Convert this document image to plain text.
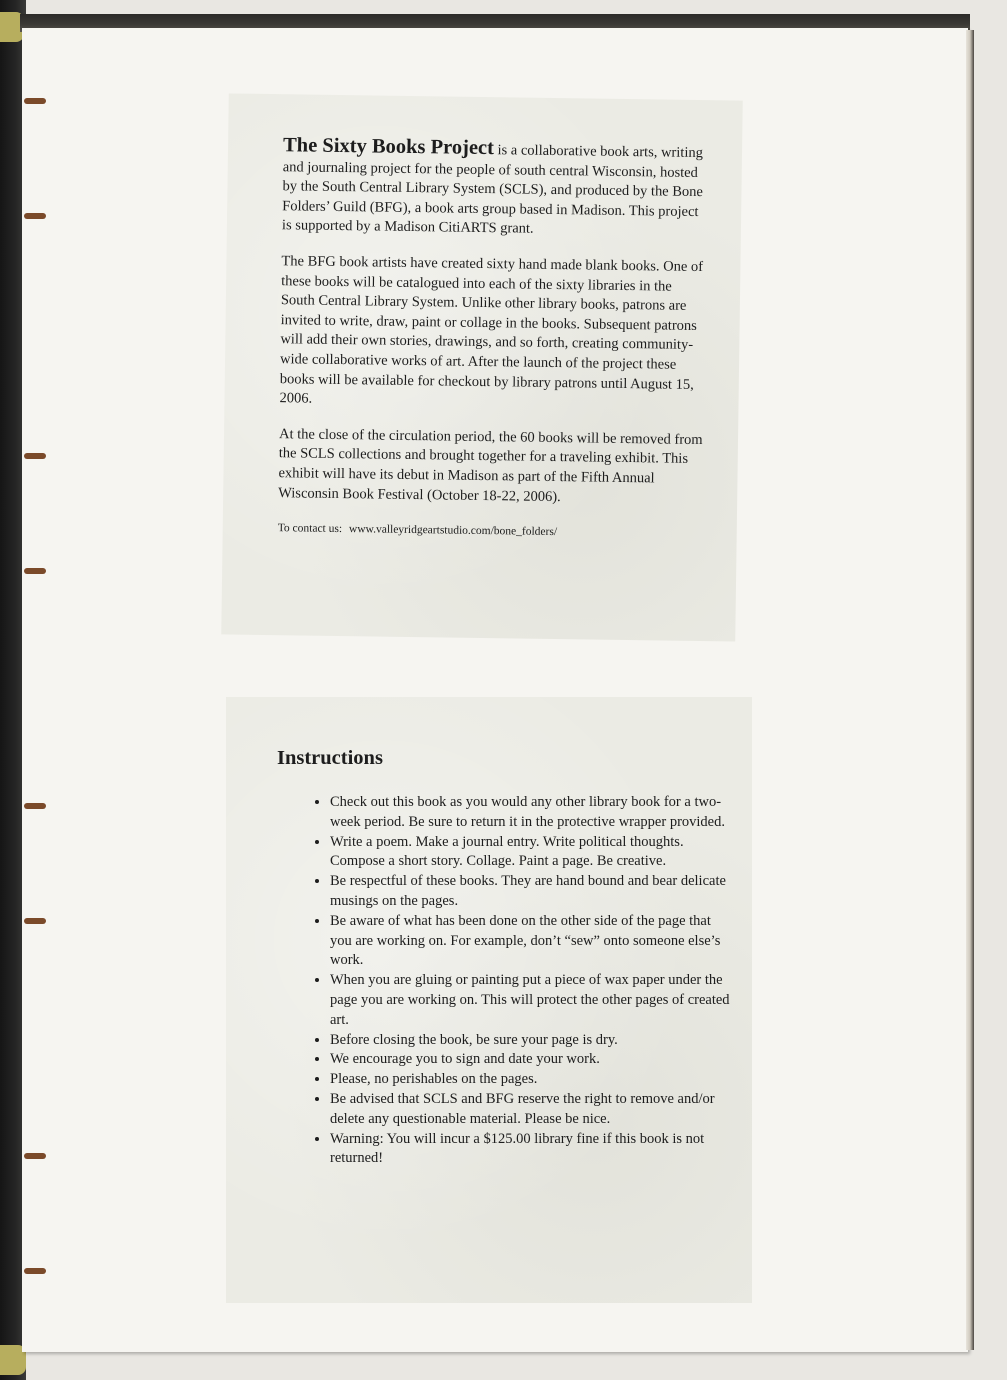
The Sixty Books Project is a collaborative book arts, writing and journaling project for the people of south central Wisconsin, hosted by the South Central Library System (SCLS), and produced by the Bone Folders’ Guild (BFG), a book arts group based in Madison. This project is supported by a Madison CitiARTS grant.

The BFG book artists have created sixty hand made blank books. One of these books will be catalogued into each of the sixty libraries in the South Central Library System. Unlike other library books, patrons are invited to write, draw, paint or collage in the books. Subsequent patrons will add their own stories, drawings, and so forth, creating community-wide collaborative works of art. After the launch of the project these books will be available for checkout by library patrons until August 15, 2006.

At the close of the circulation period, the 60 books will be removed from the SCLS collections and brought together for a traveling exhibit. This exhibit will have its debut in Madison as part of the Fifth Annual Wisconsin Book Festival (October 18-22, 2006).

To contact us: www.valleyridgeartstudio.com/bone_folders/
Instructions
• Check out this book as you would any other library book for a two-week period. Be sure to return it in the protective wrapper provided.
• Write a poem. Make a journal entry. Write political thoughts. Compose a short story. Collage. Paint a page. Be creative.
• Be respectful of these books. They are hand bound and bear delicate musings on the pages.
• Be aware of what has been done on the other side of the page that you are working on. For example, don’t “sew” onto someone else’s work.
• When you are gluing or painting put a piece of wax paper under the page you are working on. This will protect the other pages of created art.
• Before closing the book, be sure your page is dry.
• We encourage you to sign and date your work.
• Please, no perishables on the pages.
• Be advised that SCLS and BFG reserve the right to remove and/or delete any questionable material. Please be nice.
• Warning: You will incur a $125.00 library fine if this book is not returned!
